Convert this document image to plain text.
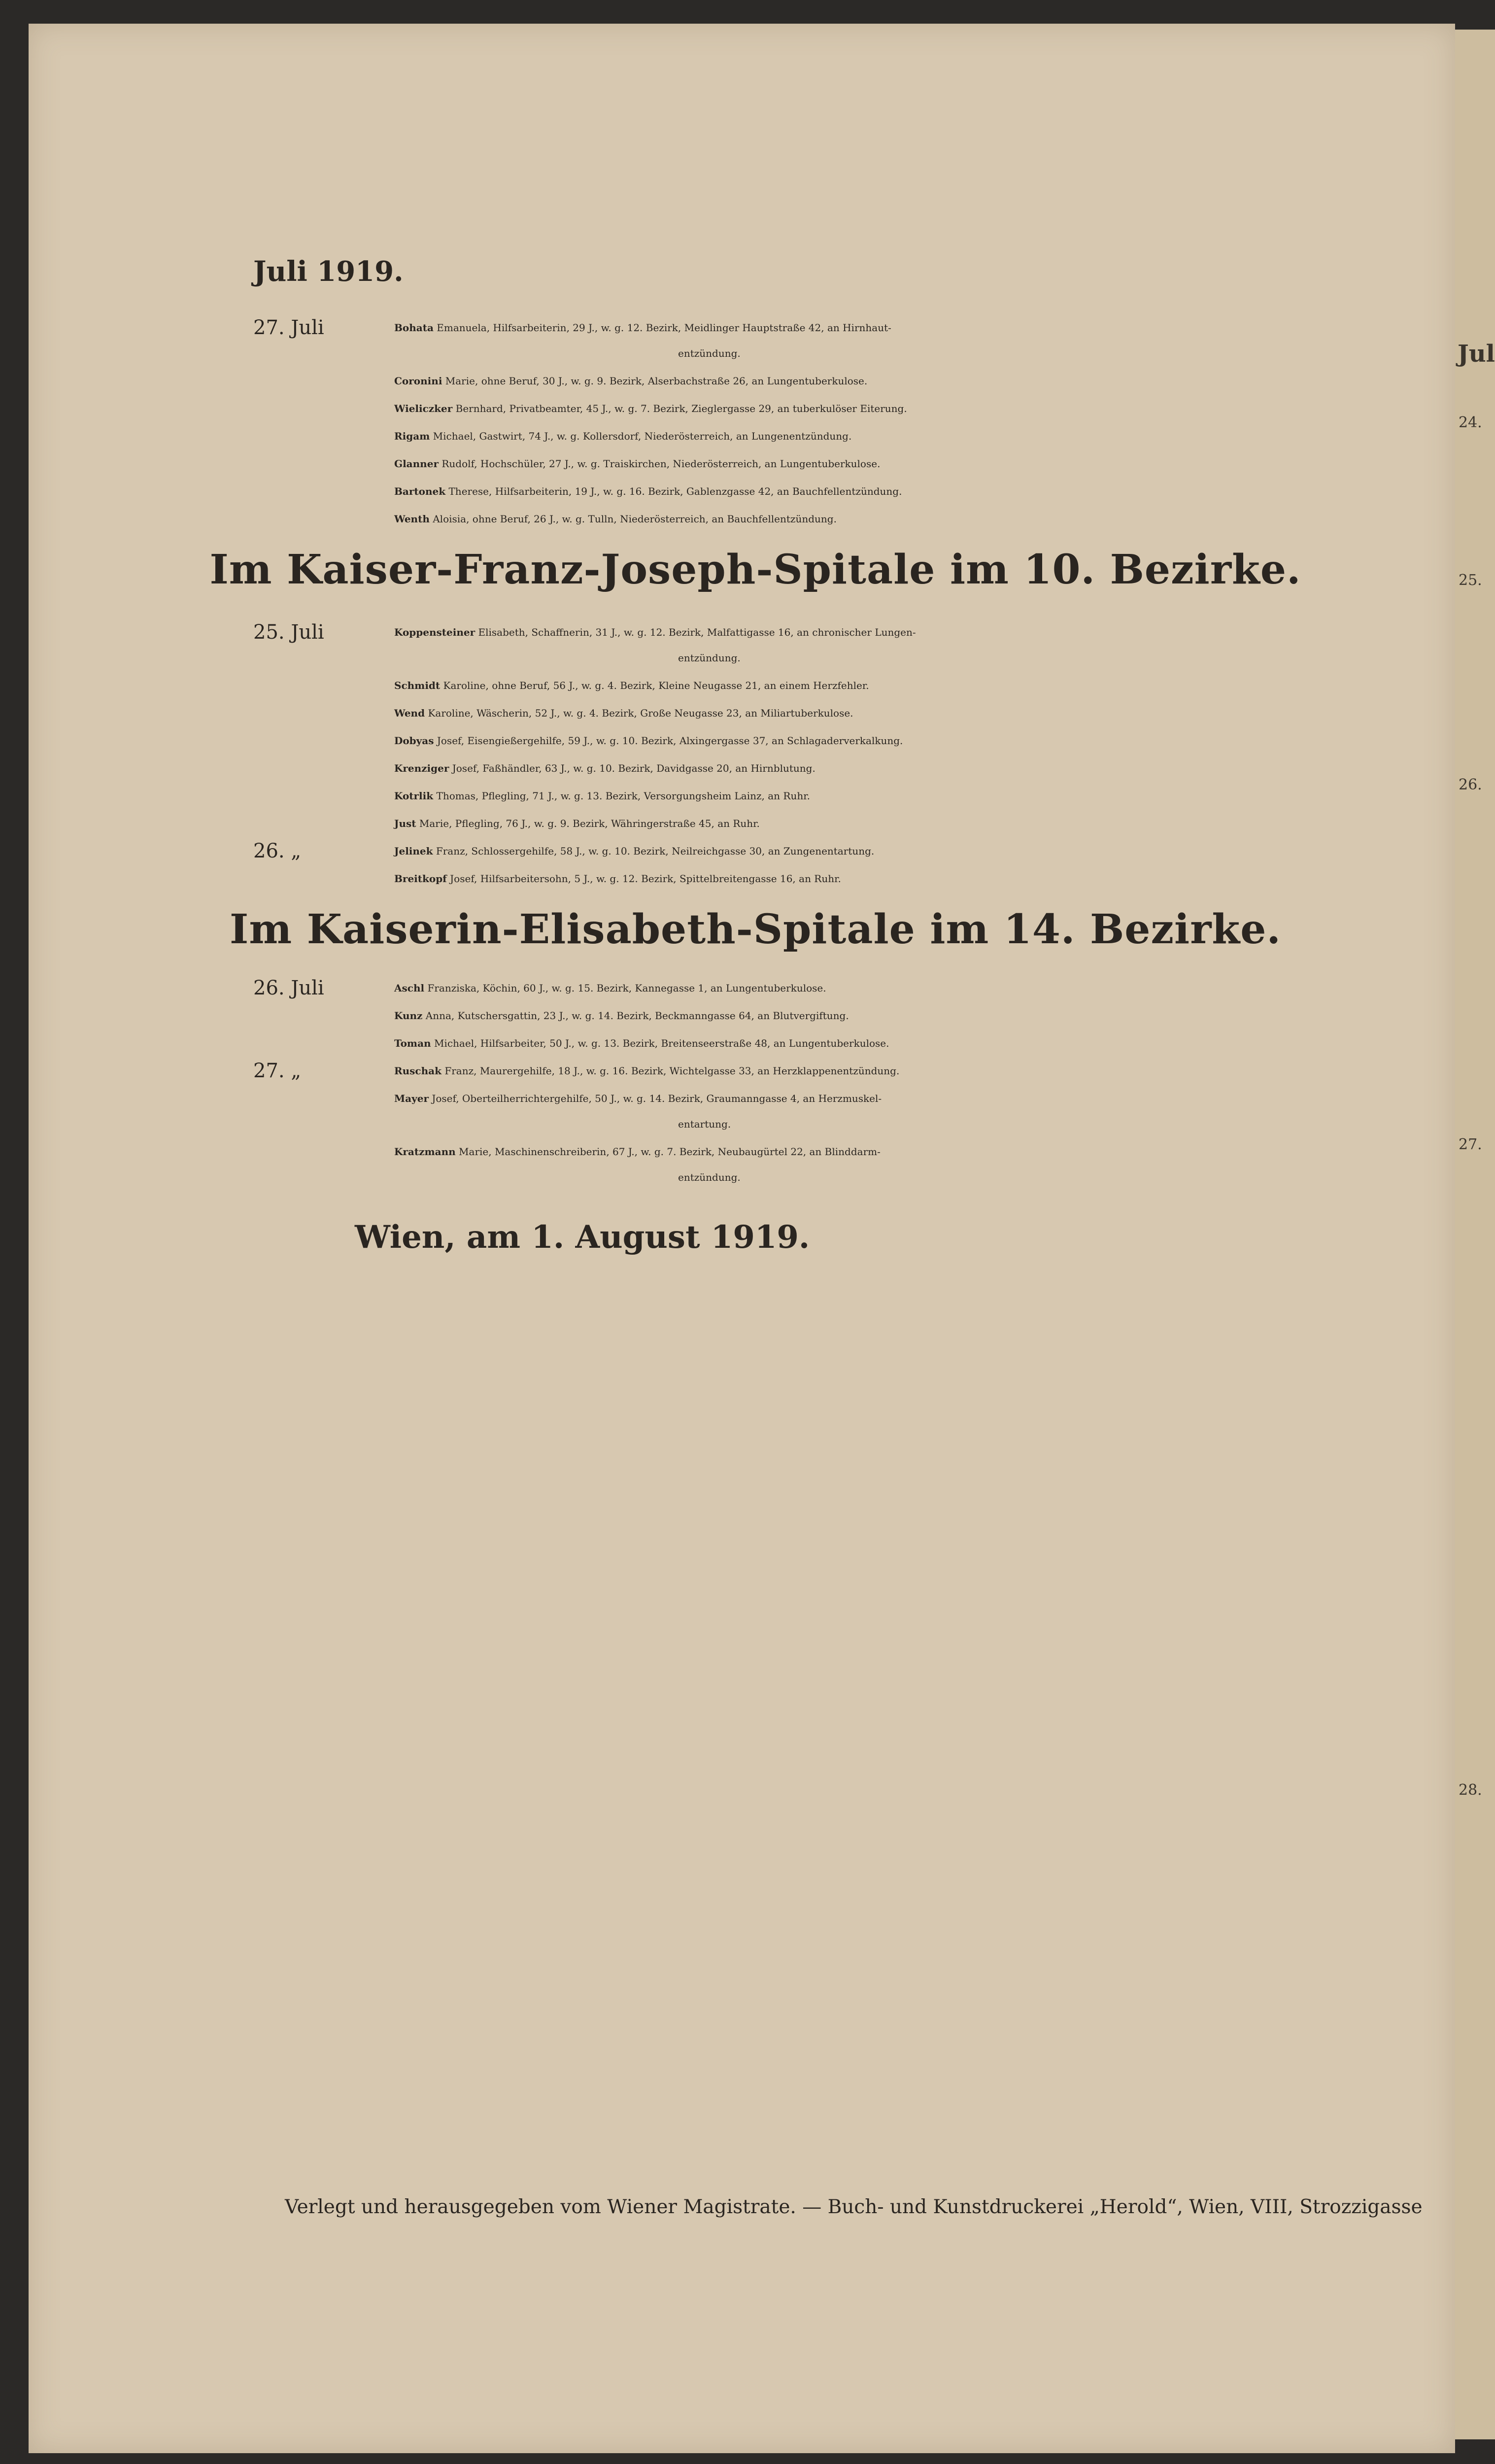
Jul
24.
25.
26.
27.
28.

Juli 1919.
27. Juli	Bohata Emanuela, Hilfsarbeiterin, 29 J., w. g. 12. Bezirk, Meidlinger Hauptstraße 42, an Hirnhaut-
entzündung.
Coronini Marie, ohne Beruf, 30 J., w. g. 9. Bezirk, Alserbachstraße 26, an Lungentuberkulose.
Wieliczker Bernhard, Privatbeamter, 45 J., w. g. 7. Bezirk, Zieglergasse 29, an tuberkulöser Eiterung.
Rigam Michael, Gastwirt, 74 J., w. g. Kollersdorf, Niederösterreich, an Lungenentzündung.
Glanner Rudolf, Hochschüler, 27 J., w. g. Traiskirchen, Niederösterreich, an Lungentuberkulose.
Bartonek Therese, Hilfsarbeiterin, 19 J., w. g. 16. Bezirk, Gablenzgasse 42, an Bauchfellentzündung.
Wenth Aloisia, ohne Beruf, 26 J., w. g. Tulln, Niederösterreich, an Bauchfellentzündung.
Im Kaiser-Franz-Joseph-Spitale im 10. Bezirke.
25. Juli	Koppensteiner Elisabeth, Schaffnerin, 31 J., w. g. 12. Bezirk, Malfattigasse 16, an chronischer Lungen-
entzündung.
Schmidt Karoline, ohne Beruf, 56 J., w. g. 4. Bezirk, Kleine Neugasse 21, an einem Herzfehler.
Wend Karoline, Wäscherin, 52 J., w. g. 4. Bezirk, Große Neugasse 23, an Miliartuberkulose.
Dobyas Josef, Eisengießergehilfe, 59 J., w. g. 10. Bezirk, Alxingergasse 37, an Schlagaderverkalkung.
Krenziger Josef, Faßhändler, 63 J., w. g. 10. Bezirk, Davidgasse 20, an Hirnblutung.
Kotrlik Thomas, Pflegling, 71 J., w. g. 13. Bezirk, Versorgungsheim Lainz, an Ruhr.
Just Marie, Pflegling, 76 J., w. g. 9. Bezirk, Währingerstraße 45, an Ruhr.
26. „	Jelinek Franz, Schlossergehilfe, 58 J., w. g. 10. Bezirk, Neilreichgasse 30, an Zungenentartung.
Breitkopf Josef, Hilfsarbeitersohn, 5 J., w. g. 12. Bezirk, Spittelbreitengasse 16, an Ruhr.
Im Kaiserin-Elisabeth-Spitale im 14. Bezirke.
26. Juli	Aschl Franziska, Köchin, 60 J., w. g. 15. Bezirk, Kannegasse 1, an Lungentuberkulose.
Kunz Anna, Kutschersgattin, 23 J., w. g. 14. Bezirk, Beckmanngasse 64, an Blutvergiftung.
Toman Michael, Hilfsarbeiter, 50 J., w. g. 13. Bezirk, Breitenseerstraße 48, an Lungentuberkulose.
27. „	Ruschak Franz, Maurergehilfe, 18 J., w. g. 16. Bezirk, Wichtelgasse 33, an Herzklappenentzündung.
Mayer Josef, Oberteilherrichtergehilfe, 50 J., w. g. 14. Bezirk, Graumanngasse 4, an Herzmuskel-
entartung.
Kratzmann Marie, Maschinenschreiberin, 67 J., w. g. 7. Bezirk, Neubaugürtel 22, an Blinddarm-
entzündung.
Wien, am 1. August 1919.
Verlegt und herausgegeben vom Wiener Magistrate. — Buch- und Kunstdruckerei „Herold“, Wien, VIII, Strozzigasse
